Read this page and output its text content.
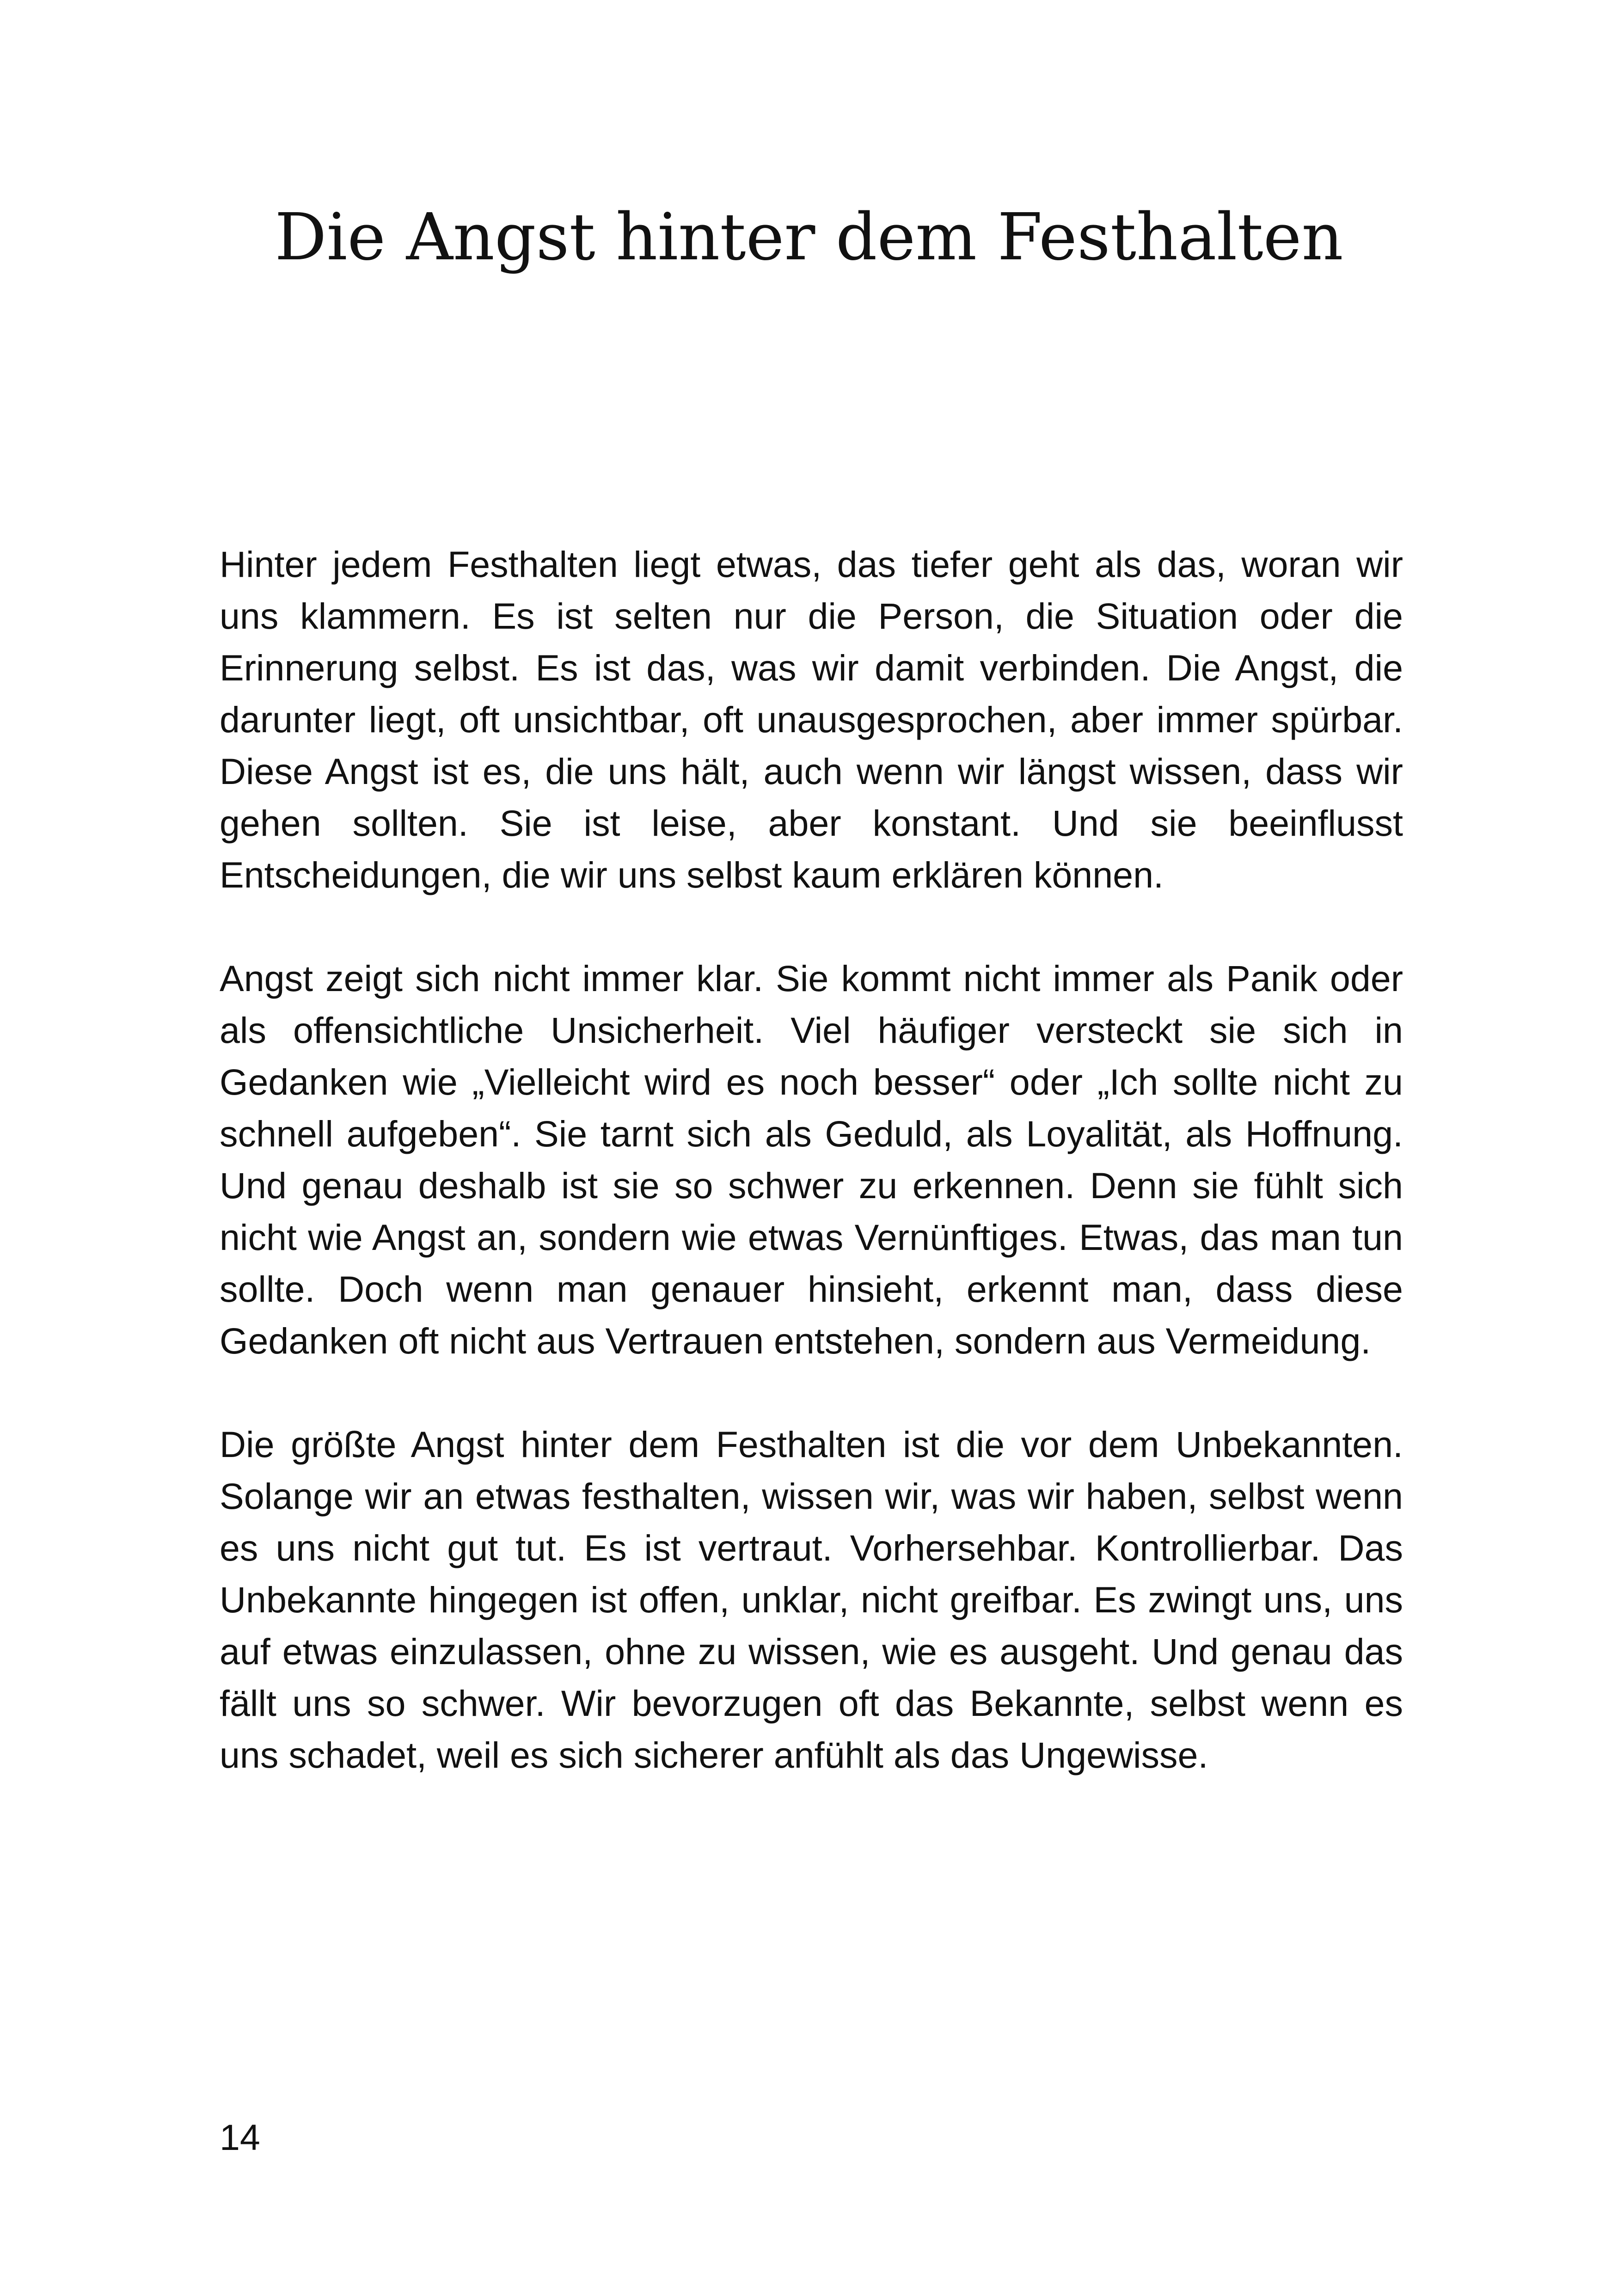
Die Angst hinter dem Festhalten

Hinter jedem Festhalten liegt etwas, das tiefer geht als das, woran wir uns klammern. Es ist selten nur die Person, die Situation oder die Erinnerung selbst. Es ist das, was wir damit verbinden. Die Angst, die darunter liegt, oft unsichtbar, oft unausgesprochen, aber immer spürbar. Diese Angst ist es, die uns hält, auch wenn wir längst wissen, dass wir gehen sollten. Sie ist leise, aber konstant. Und sie beeinflusst Entscheidungen, die wir uns selbst kaum erklären können.

Angst zeigt sich nicht immer klar. Sie kommt nicht immer als Panik oder als offensichtliche Unsicherheit. Viel häufiger versteckt sie sich in Gedanken wie „Vielleicht wird es noch besser“ oder „Ich sollte nicht zu schnell aufgeben“. Sie tarnt sich als Geduld, als Loyalität, als Hoffnung. Und genau deshalb ist sie so schwer zu erkennen. Denn sie fühlt sich nicht wie Angst an, sondern wie etwas Vernünftiges. Etwas, das man tun sollte. Doch wenn man genauer hinsieht, erkennt man, dass diese Gedanken oft nicht aus Vertrauen entstehen, sondern aus Vermeidung.

Die größte Angst hinter dem Festhalten ist die vor dem Unbekannten. Solange wir an etwas festhalten, wissen wir, was wir haben, selbst wenn es uns nicht gut tut. Es ist vertraut. Vorhersehbar. Kontrollierbar. Das Unbekannte hingegen ist offen, unklar, nicht greifbar. Es zwingt uns, uns auf etwas einzulassen, ohne zu wissen, wie es ausgeht. Und genau das fällt uns so schwer. Wir bevorzugen oft das Bekannte, selbst wenn es uns schadet, weil es sich sicherer anfühlt als das Ungewisse.

14
